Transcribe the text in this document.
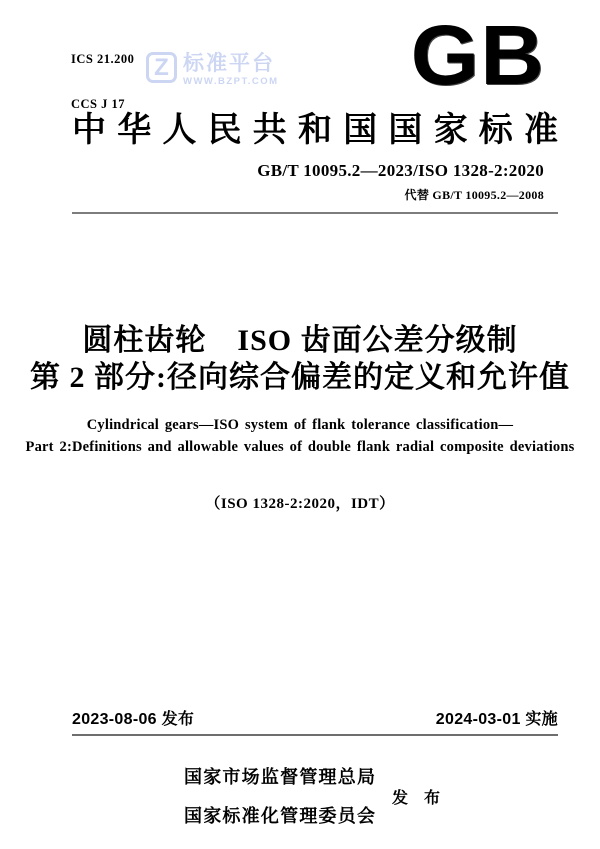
ICS 21.200

CCS J 17

Z 标准平台
WWW.BZPT.COM GB
中华人民共和国国家标准
GB/T 10095.2—2023/ISO 1328-2:2020
代替 GB/T 10095.2—2008
圆柱齿轮　ISO 齿面公差分级制
第 2 部分:径向综合偏差的定义和允许值
Cylindrical gears—ISO system of flank tolerance classification—
Part 2:Definitions and allowable values of double flank radial composite deviations
（ISO 1328-2:2020，IDT）
2023-08-06 发布	2024-03-01 实施

国家市场监督管理总局

国家标准化管理委员会

发 布
